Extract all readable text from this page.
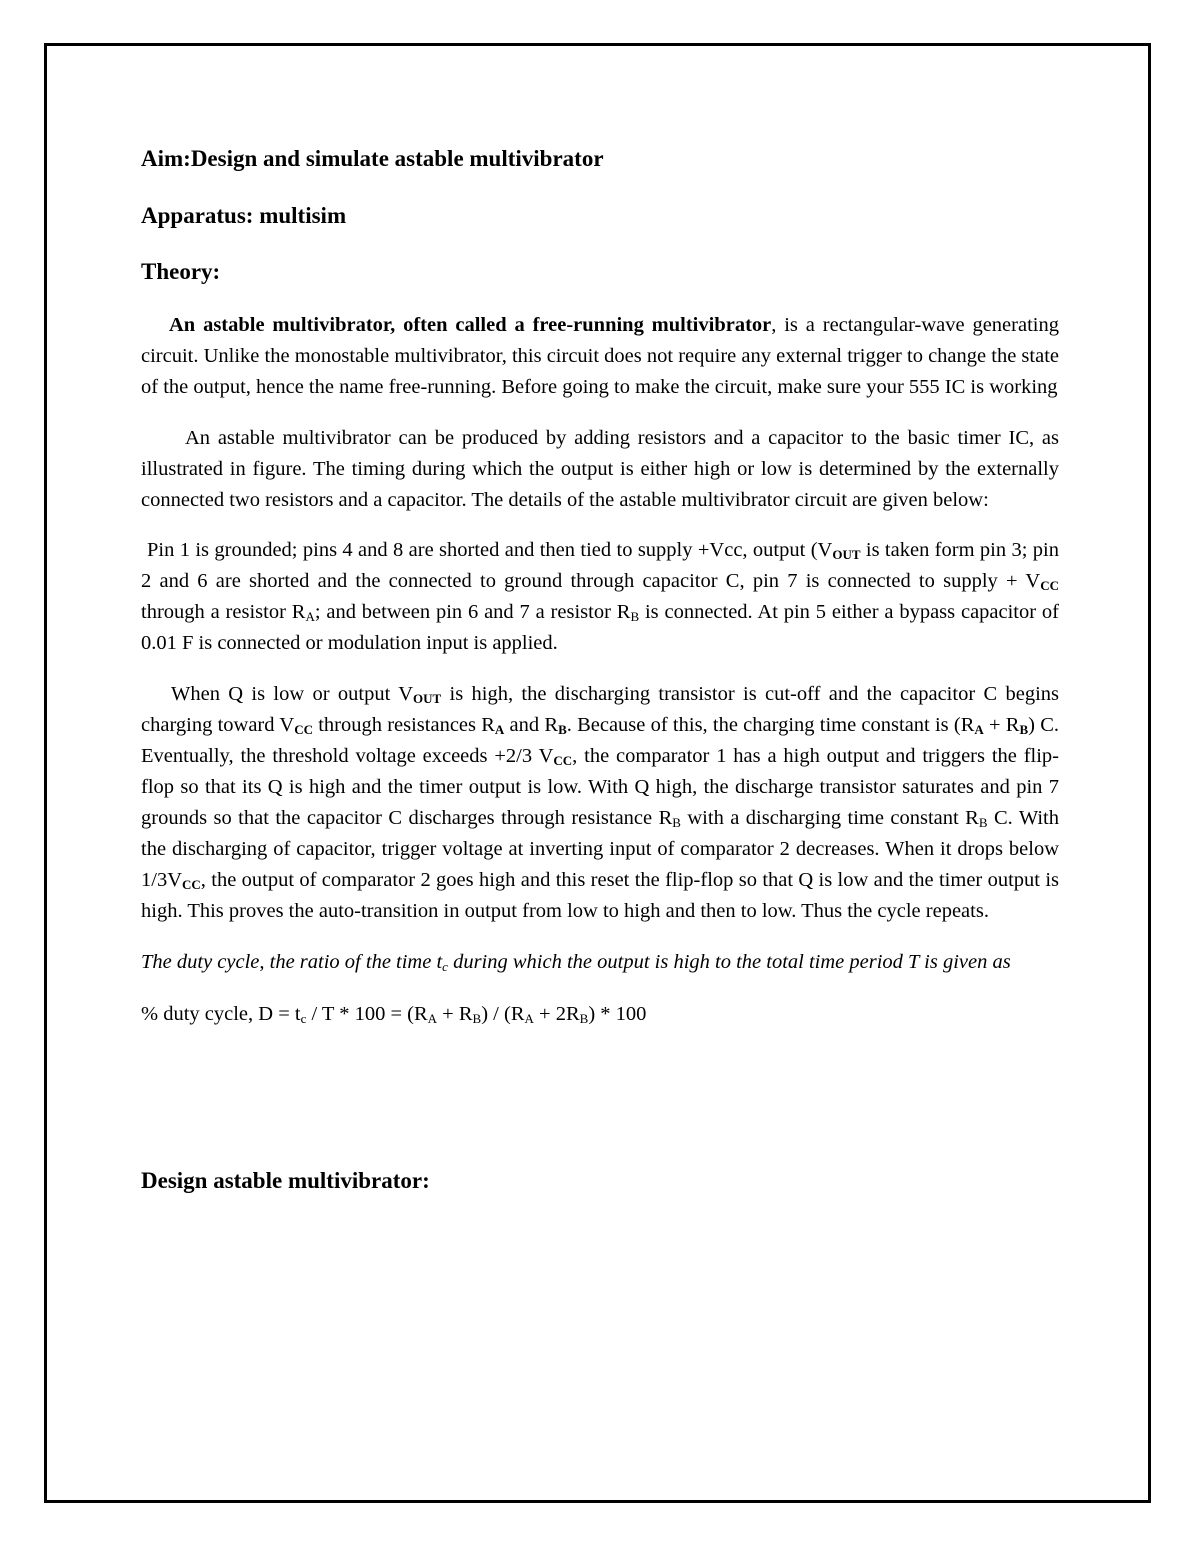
Aim:Design and simulate astable multivibrator
Apparatus: multisim
Theory:

An astable multivibrator, often called a free-running multivibrator, is a rectangular-wave generating circuit. Unlike the monostable multivibrator, this circuit does not require any external trigger to change the state of the output, hence the name free-running. Before going to make the circuit, make sure your 555 IC is working

An astable multivibrator can be produced by adding resistors and a capacitor to the basic timer IC, as illustrated in figure. The timing during which the output is either high or low is determined by the externally connected two resistors and a capacitor. The details of the astable multivibrator circuit are given below:

Pin 1 is grounded; pins 4 and 8 are shorted and then tied to supply +Vcc, output ($V_{OUT}$ is taken form pin 3; pin 2 and 6 are shorted and the connected to ground through capacitor C, pin 7 is connected to supply + $V_{CC}$ through a resistor $R_A$; and between pin 6 and 7 a resistor $R_B$ is connected. At pin 5 either a bypass capacitor of 0.01 F is connected or modulation input is applied.

When Q is low or output $V_{OUT}$ is high, the discharging transistor is cut-off and the capacitor C begins charging toward $V_{CC}$ through resistances $R_A$ and $R_B$. Because of this, the charging time constant is $(R_A + R_B)$ C. Eventually, the threshold voltage exceeds +2/3 $V_{CC}$, the comparator 1 has a high output and triggers the flip-flop so that its Q is high and the timer output is low. With Q high, the discharge transistor saturates and pin 7 grounds so that the capacitor C discharges through resistance $R_B$ with a discharging time constant $R_B$ C. With the discharging of capacitor, trigger voltage at inverting input of comparator 2 decreases. When it drops below $1/3V_{CC}$, the output of comparator 2 goes high and this reset the flip-flop so that Q is low and the timer output is high. This proves the auto-transition in output from low to high and then to low. Thus the cycle repeats.

The duty cycle, the ratio of the time $t_c$ during which the output is high to the total time period T is given as

% duty cycle, $D = t_c / T * 100 = (R_A + R_B) / (R_A + 2R_B) * 100$

Design astable multivibrator:
